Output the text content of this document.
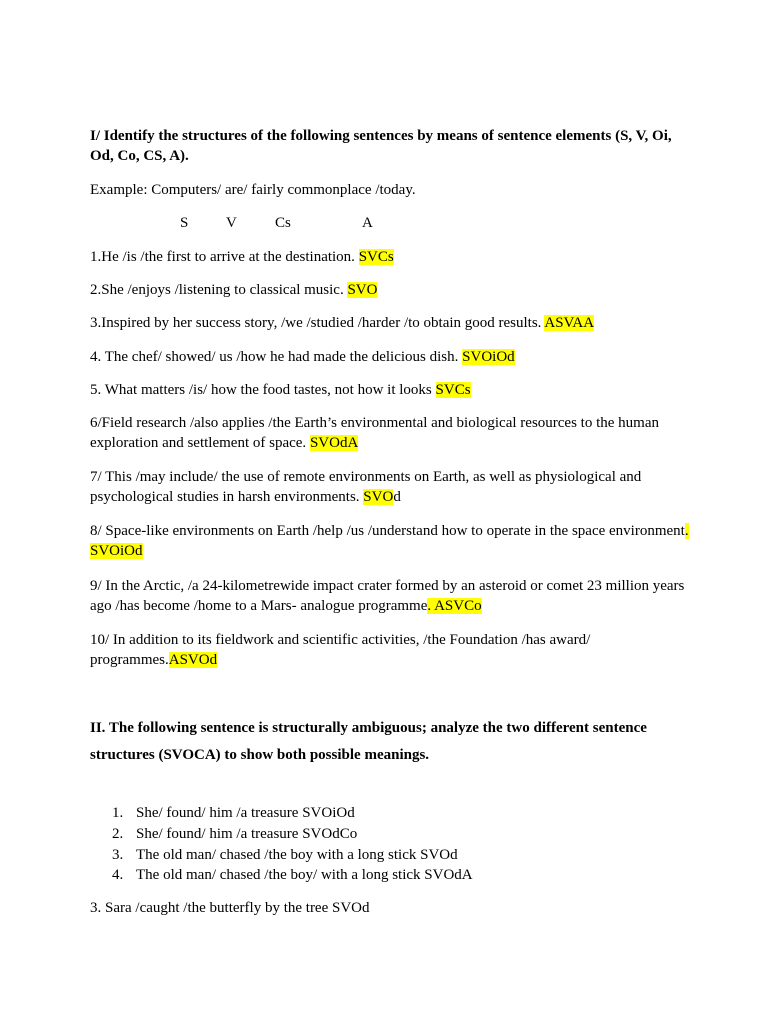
I/ Identify the structures of the following sentences by means of sentence elements (S, V, Oi, Od, Co, CS, A).

Example: Computers/ are/ fairly commonplace /today.

S	V	Cs	A

1.He /is /the first to arrive at the destination. SVCs

2.She /enjoys /listening to classical music. SVO

3.Inspired by her success story, /we /studied /harder /to obtain good results. ASVAA

4. The chef/ showed/ us /how he had made the delicious dish. SVOiOd

5. What matters /is/ how the food tastes, not how it looks SVCs

6/Field research /also applies /the Earth’s environmental and biological resources to the human exploration and settlement of space. SVOdA

7/ This /may include/ the use of remote environments on Earth, as well as physiological and psychological studies in harsh environments. SVOd

8/ Space-like environments on Earth /help /us /understand how to operate in the space environment. SVOiOd

9/ In the Arctic, /a 24-kilometrewide impact crater formed by an asteroid or comet 23 million years ago /has become /home to a Mars- analogue programme. ASVCo

10/ In addition to its fieldwork and scientific activities, /the Foundation /has award/ programmes.ASVOd

II. The following sentence is structurally ambiguous; analyze the two different sentence structures (SVOCA) to show both possible meanings.

1. She/ found/ him /a treasure SVOiOd
2. She/ found/ him /a treasure SVOdCo
3. The old man/ chased /the boy with a long stick SVOd
4. The old man/ chased /the boy/ with a long stick SVOdA

3. Sara /caught /the butterfly by the tree SVOd
